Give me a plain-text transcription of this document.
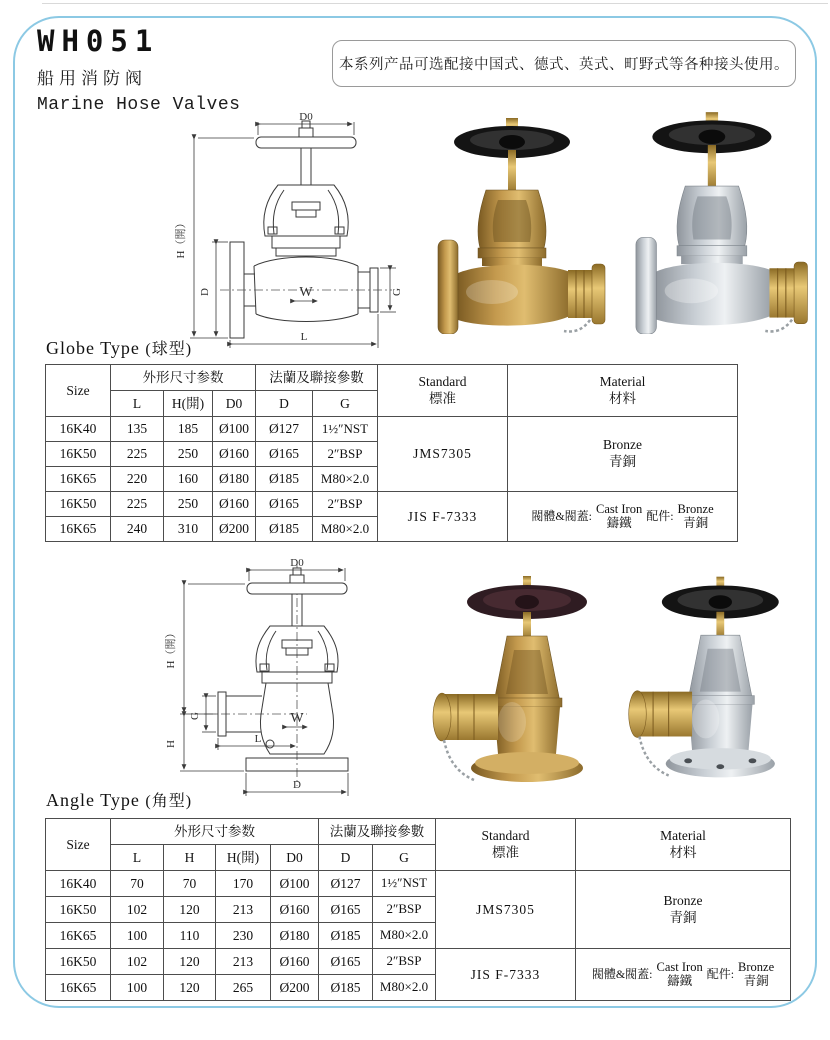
WH051
船用消防阀
Marine Hose Valves
本系列产品可选配接中国式、德式、英式、町野式等各种接头使用。
W
D0
H（開）
D	G
L
Globe Type (球型)
Size	外形尺寸参数	法蘭及聯接參數	Standard
標准

Material
材料

	L	H(開)	D0	D	G		
16K40	135	185	Ø100	Ø127	1½″NST	JMS7305	Bronze
青銅

16K50	225	250	Ø160	Ø165	2″BSP		
16K65	220	160	Ø180	Ø185	M80×2.0		
16K50	225	250	Ø160	Ø165	2″BSP	JIS F-7333	閥體&閥蓋: Cast Iron
鑄鐵	配件: Bronze
青銅

16K65	240	310	Ø200	Ø185	M80×2.0		
W
D0
H（開）
H
G
L
D
Angle Type (角型)
Size	外形尺寸参数	法蘭及聯接參數	Standard
標准

Material
材料

	L	H	H(開)	D0	D	G		
16K40	70	70	170	Ø100	Ø127	1½″NST	JMS7305	Bronze
青銅

16K50	102	120	213	Ø160	Ø165	2″BSP		
16K65	100	110	230	Ø180	Ø185	M80×2.0		
16K50	102	120	213	Ø160	Ø165	2″BSP	JIS F-7333	閥體&閥蓋: Cast Iron
鑄鐵	配件: Bronze
青銅

16K65	100	120	265	Ø200	Ø185	M80×2.0		
